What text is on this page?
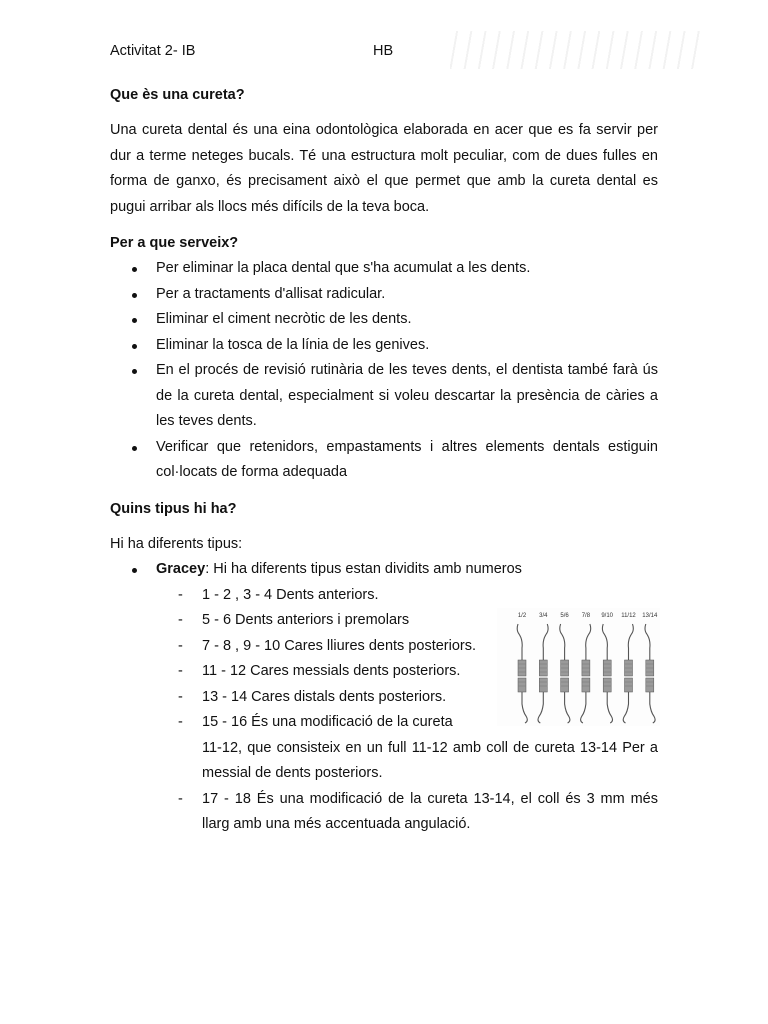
Activitat 2- IB	HB
Que ès una cureta?

Una cureta dental és una eina odontològica elaborada en acer que es fa servir per dur a terme neteges bucals. Té una estructura molt peculiar, com de dues fulles en forma de ganxo, és precisament això el que permet que amb la cureta dental es pugui arribar als llocs més difícils de la teva boca.

Per a que serveix?
Per eliminar la placa dental que s'ha acumulat a les dents.
Per a tractaments d'allisat radicular.
Eliminar el ciment necròtic de les dents.
Eliminar la tosca de la línia de les genives.
En el procés de revisió rutinària de les teves dents, el dentista també farà ús de la cureta dental, especialment si voleu descartar la presència de càries a les teves dents.
Verificar que retenidors, empastaments i altres elements dentals estiguin col·locats de forma adequada
Quins tipus hi ha?

Hi ha diferents tipus:

Gracey: Hi ha diferents tipus estan dividits amb numeros
- 1 - 2 , 3 - 4 Dents anteriors.
- 5 - 6 Dents anteriors i premolars
- 7 - 8 , 9 - 10 Cares lliures dents posteriors.
- 11 - 12 Cares messials dents posteriors.
- 13 - 14 Cares distals dents posteriors.
- 15 - 16 És una modificació de la cureta
11-12, que consisteix en un full 11-12 amb coll de cureta 13-14 Per a messial de dents posteriors.
- 17 - 18 És una modificació de la cureta 13-14, el coll és 3 mm més llarg amb una més accentuada angulació.
1/2 3/4 5/6 7/8 9/10 11/12 13/14
